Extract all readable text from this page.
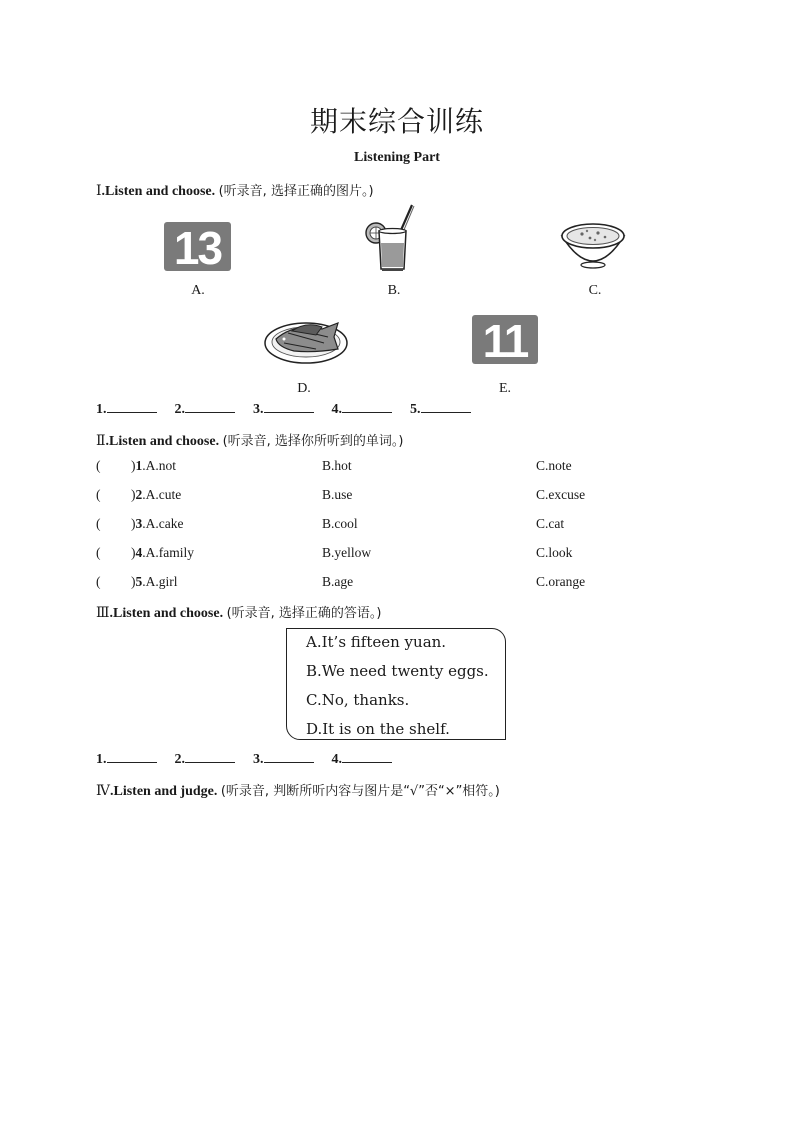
期末综合训练
Listening Part
Ⅰ.Listen and choose. (听录音, 选择正确的图片。)
13
A.	B.	C.
D.
11
E.
1.	2.	3.	4.	5.
Ⅱ.Listen and choose. (听录音, 选择你所听到的单词。)
( )1.A.not	B.hot	C.note
( )2.A.cute	B.use	C.excuse
( )3.A.cake	B.cool	C.cat
( )4.A.family	B.yellow	C.look
( )5.A.girl	B.age	C.orange
Ⅲ.Listen and choose. (听录音, 选择正确的答语。)
A.It’s fifteen yuan.
B.We need twenty eggs.
C.No, thanks.
D.It is on the shelf.
1.	2.	3.	4.
Ⅳ.Listen and judge. (听录音, 判断所听内容与图片是“√”否“×”相符。)
